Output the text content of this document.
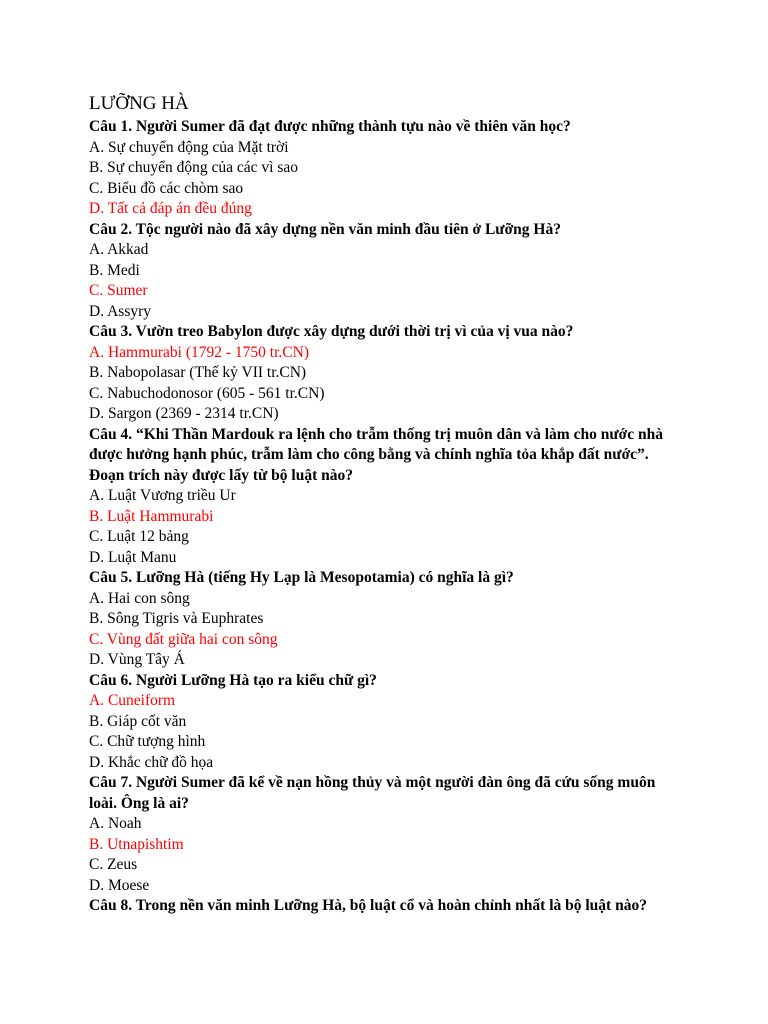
LƯỠNG HÀ

Câu 1. Người Sumer đã đạt được những thành tựu nào về thiên văn học?

A. Sự chuyển động của Mặt trời

B. Sự chuyển động của các vì sao

C. Biểu đồ các chòm sao

D. Tất cả đáp án đều đúng

Câu 2. Tộc người nào đã xây dựng nền văn minh đầu tiên ở Lưỡng Hà?

A. Akkad

B. Medi

C. Sumer

D. Assyry

Câu 3. Vườn treo Babylon được xây dựng dưới thời trị vì của vị vua nào?

A. Hammurabi (1792 - 1750 tr.CN)

B. Nabopolasar (Thế kỷ VII tr.CN)

C. Nabuchodonosor (605 - 561 tr.CN)

D. Sargon (2369 - 2314 tr.CN)

Câu 4. “Khi Thần Mardouk ra lệnh cho trẫm thống trị muôn dân và làm cho nước nhà

được hưởng hạnh phúc, trẫm làm cho công bằng và chính nghĩa tỏa khắp đất nước”.

Đoạn trích này được lấy từ bộ luật nào?

A. Luật Vương triều Ur

B. Luật Hammurabi

C. Luật 12 bảng

D. Luật Manu

Câu 5. Lưỡng Hà (tiếng Hy Lạp là Mesopotamia) có nghĩa là gì?

A. Hai con sông

B. Sông Tigris và Euphrates

C. Vùng đất giữa hai con sông

D. Vùng Tây Á

Câu 6. Người Lưỡng Hà tạo ra kiểu chữ gì?

A. Cuneiform

B. Giáp cốt văn

C. Chữ tượng hình

D. Khắc chữ đồ họa

Câu 7. Người Sumer đã kể về nạn hồng thủy và một người đàn ông đã cứu sống muôn

loài. Ông là ai?

A. Noah

B. Utnapishtim

C. Zeus

D. Moese

Câu 8. Trong nền văn minh Lưỡng Hà, bộ luật cổ và hoàn chỉnh nhất là bộ luật nào?
